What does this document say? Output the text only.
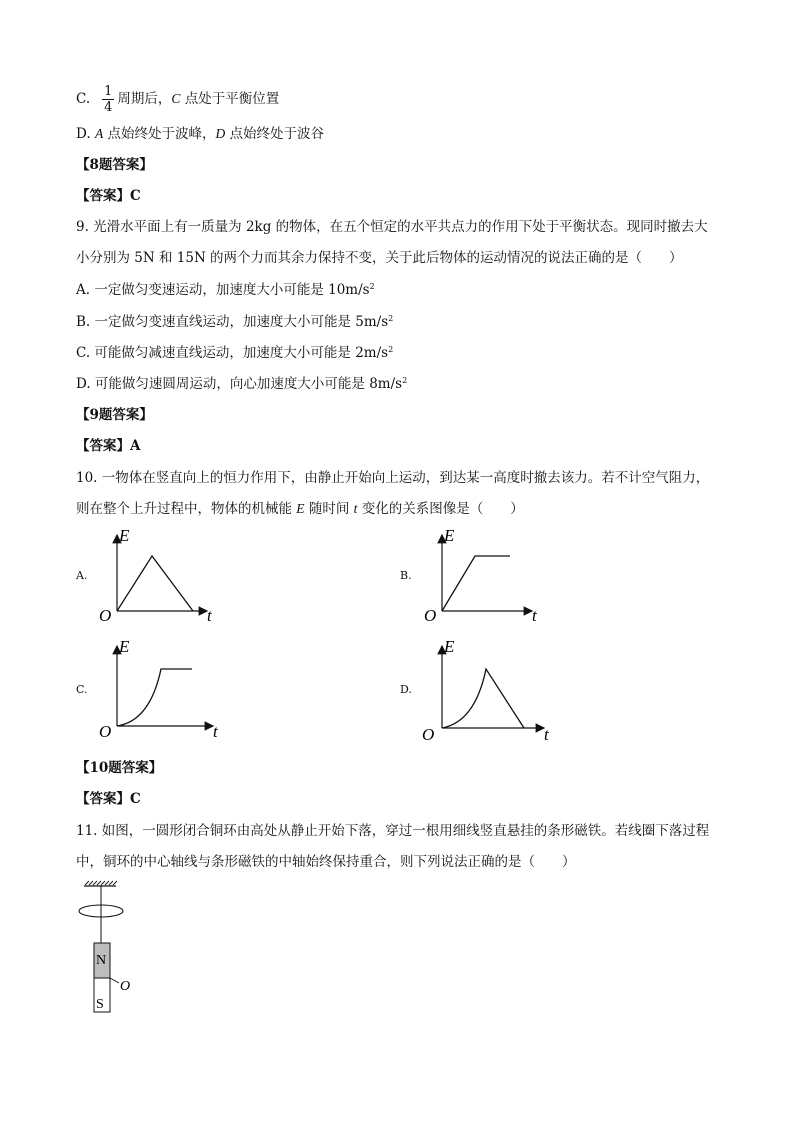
C. $\frac{1}{4}$ 周期后，C 点处于平衡位置
D. A 点始终处于波峰，D 点始终处于波谷
【8题答案】
【答案】C
9. 光滑水平面上有一质量为 2kg 的物体，在五个恒定的水平共点力的作用下处于平衡状态。现同时撤去大
小分别为 5N 和 15N 的两个力而其余力保持不变，关于此后物体的运动情况的说法正确的是（　　）
A. 一定做匀变速运动，加速度大小可能是 $10m/s^2$
B. 一定做匀变速直线运动，加速度大小可能是 $5m/s^2$
C. 可能做匀减速直线运动，加速度大小可能是 $2m/s^2$
D. 可能做匀速圆周运动，向心加速度大小可能是 $8m/s^2$
【9题答案】
【答案】A
10. 一物体在竖直向上的恒力作用下，由静止开始向上运动，到达某一高度时撤去该力。若不计空气阻力，
则在整个上升过程中，物体的机械能 E 随时间 t 变化的关系图像是（　　）
A.	B.
C.	D.
E
t
O
E
t
O
E
t
O
E
t
O
【10题答案】
【答案】C
11. 如图，一圆形闭合铜环由高处从静止开始下落，穿过一根用细线竖直悬挂的条形磁铁。若线圈下落过程
中，铜环的中心轴线与条形磁铁的中轴始终保持重合，则下列说法正确的是（　　）
N
S
O
